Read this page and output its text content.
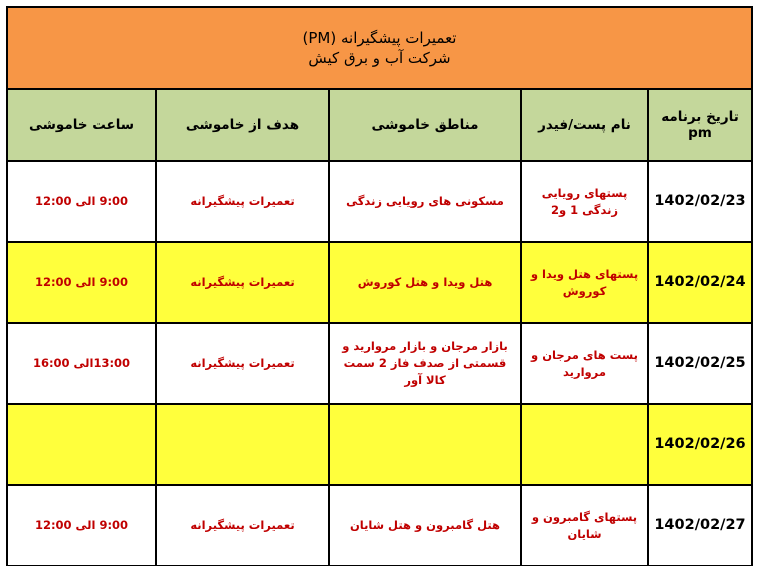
تعمیرات پیشگیرانه (PM)
شرکت آب و برق کیش
تاریخ برنامه pm	نام پست/فیدر	مناطق خاموشی	هدف از خاموشی	ساعت خاموشی
1402/02/23	پستهای رویایی زندگی 1 و2	مسکونی های رویایی زندگی	تعمیرات پیشگیرانه	9:00 الی 12:00
1402/02/24	پستهای هتل ویدا و کوروش	هتل ویدا و هتل کوروش	تعمیرات پیشگیرانه	9:00 الی 12:00
1402/02/25	پست های مرجان و مروارید	بازار مرجان و بازار مروارید و قسمتی از صدف فاز 2 سمت کالا آور	تعمیرات پیشگیرانه	13:00الی 16:00
1402/02/26				
1402/02/27	پستهای گامبرون و شایان	هتل گامبرون و هتل شایان	تعمیرات پیشگیرانه	9:00 الی 12:00
